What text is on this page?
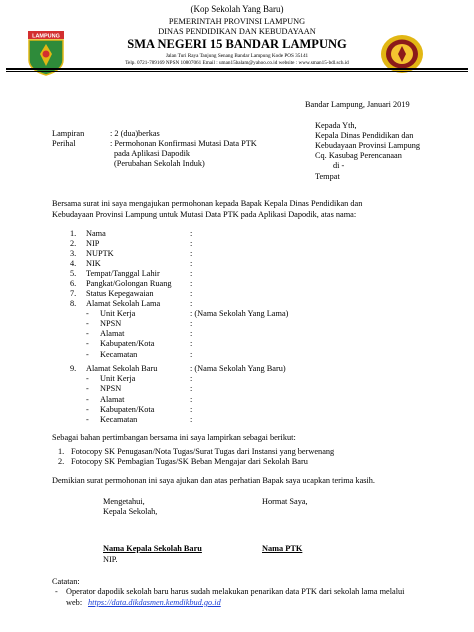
(Kop Sekolah Yang Baru)
PEMERINTAH PROVINSI LAMPUNG
DINAS PENDIDIKAN DAN KEBUDAYAAN
SMA NEGERI 15 BANDAR LAMPUNG
Jalan Turi Raya Tanjung Senang Bandar Lampung Kode POS 35141
Telp. 0721-789169 NPSN 10807061 Email : uman15balam@yahoo.co.id website : www.sman15-bdl.sch.id
LAMPUNG
Bandar Lampung, Januari 2019
Lampiran	: 2 (dua)berkas
Perihal	: Permohonan Konfirmasi Mutasi Data PTK
pada Aplikasi Dapodik
(Perubahan Sekolah Induk)
Kepada Yth,
Kepala Dinas Pendidikan dan
Kebudayaan Provinsi Lampung
Cq. Kasubag Perencanaan
di -
Tempat
Bersama surat ini saya mengajukan permohonan kepada Bapak Kepala Dinas Pendidikan dan
Kebudayaan Provinsi Lampung untuk Mutasi Data PTK pada Aplikasi Dapodik, atas nama:
1. Nama	:
2. NIP	:
3. NUPTK	:
4. NIK	:
5. Tempat/Tanggal Lahir	:
6. Pangkat/Golongan Ruang :
7. Status Kepegawaian	:
8. Alamat Sekolah Lama	:
- Unit Kerja	: (Nama Sekolah Yang Lama)
- NPSN	:
- Alamat	:
- Kabupaten/Kota	:
- Kecamatan	:
9. Alamat Sekolah Baru	: (Nama Sekolah Yang Baru)
- Unit Kerja	:
- NPSN	:
- Alamat	:
- Kabupaten/Kota	:
- Kecamatan	:
Sebagai bahan pertimbangan bersama ini saya lampirkan sebagai berikut:
1. Fotocopy SK Penugasan/Nota Tugas/Surat Tugas dari Instansi yang berwenang
2. Fotocopy SK Pembagian Tugas/SK Beban Mengajar dari Sekolah Baru
Demikian surat permohonan ini saya ajukan dan atas perhatian Bapak saya ucapkan terima kasih.
Mengetahui,
Kepala Sekolah,
Hormat Saya,
Nama Kepala Sekolah Baru
NIP.
Nama PTK
Catatan:
- Operator dapodik sekolah baru harus sudah melakukan penarikan data PTK dari sekolah lama melalui
web: https://data.dikdasmen.kemdikbud.go.id
